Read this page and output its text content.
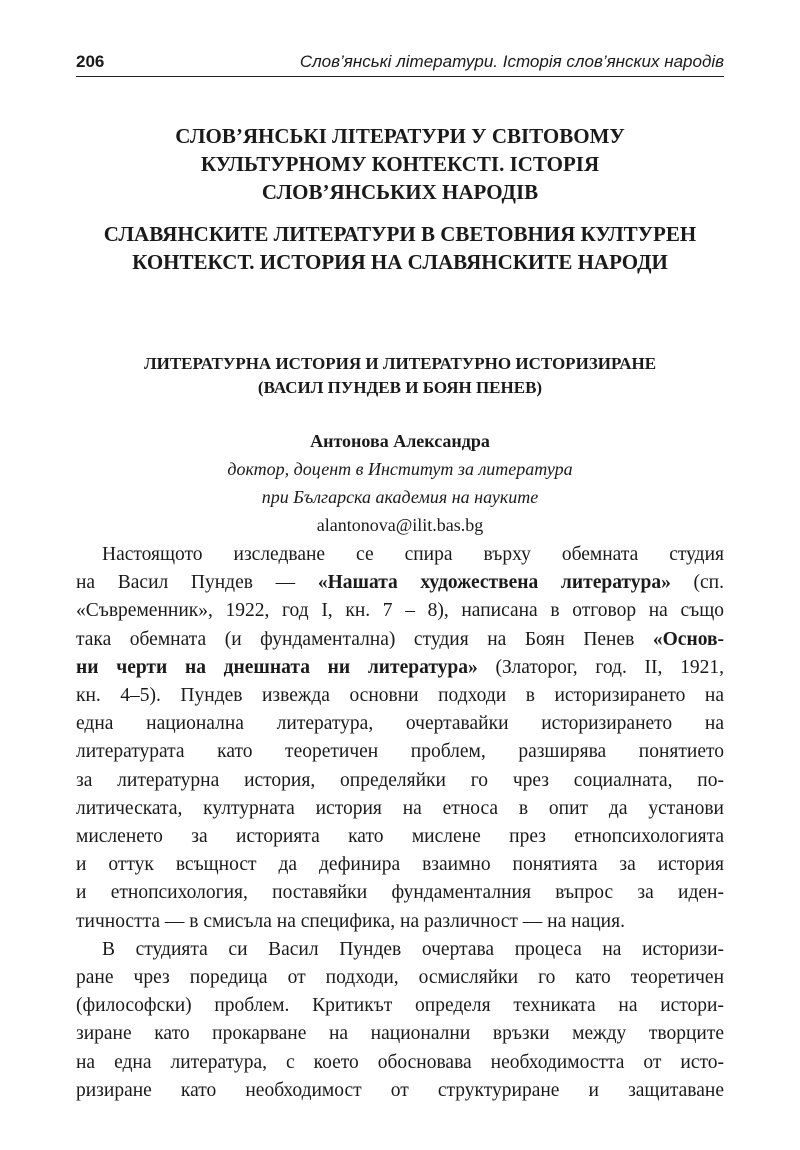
206	Слов’янські літератури. Історія слов’янских народів
СЛОВ’ЯНСЬКІ ЛІТЕРАТУРИ У СВІТОВОМУ
КУЛЬТУРНОМУ КОНТЕКСТІ. ІСТОРІЯ
СЛОВ’ЯНСЬКИХ НАРОДІВ
СЛАВЯНСКИТЕ ЛИТЕРАТУРИ В СВЕТОВНИЯ КУЛТУРЕН
КОНТЕКСТ. ИСТОРИЯ НА СЛАВЯНСКИТЕ НАРОДИ
ЛИТЕРАТУРНА ИСТОРИЯ И ЛИТЕРАТУРНО ИСТОРИЗИРАНЕ
(ВАСИЛ ПУНДЕВ И БОЯН ПЕНЕВ)
Антонова Александра
доктор, доцент в Институт за литература
при Българска академия на науките
alantonova@ilit.bas.bg
Настоящото изследване се спира върху обемната студия
на Васил Пундев — «Нашата художествена литература» (сп.
«Съвременник», 1922, год I, кн. 7 – 8), написана в отговор на също
така обемната (и фундаментална) студия на Боян Пенев «Основ-
ни черти на днешната ни литература» (Златорог, год. II, 1921,
кн. 4–5). Пундев извежда основни подходи в историзирането на
една национална литература, очертавайки историзирането на
литературата като теоретичен проблем, разширява понятието
за литературна история, определяйки го чрез социалната, по-
литическата, културната история на етноса в опит да установи
мисленето за историята като мислене през етнопсихологията
и оттук всъщност да дефинира взаимно понятията за история
и етнопсихология, поставяйки фундаменталния въпрос за иден-
тичността — в смисъла на специфика, на различност — на нация.
В студията си Васил Пундев очертава процеса на историзи-
ране чрез поредица от подходи, осмисляйки го като теоретичен
(философски) проблем. Критикът определя техниката на истори-
зиране като прокарване на национални връзки между творците
на една литература, с което обосновава необходимостта от исто-
ризиране като необходимост от структуриране и защитаване
